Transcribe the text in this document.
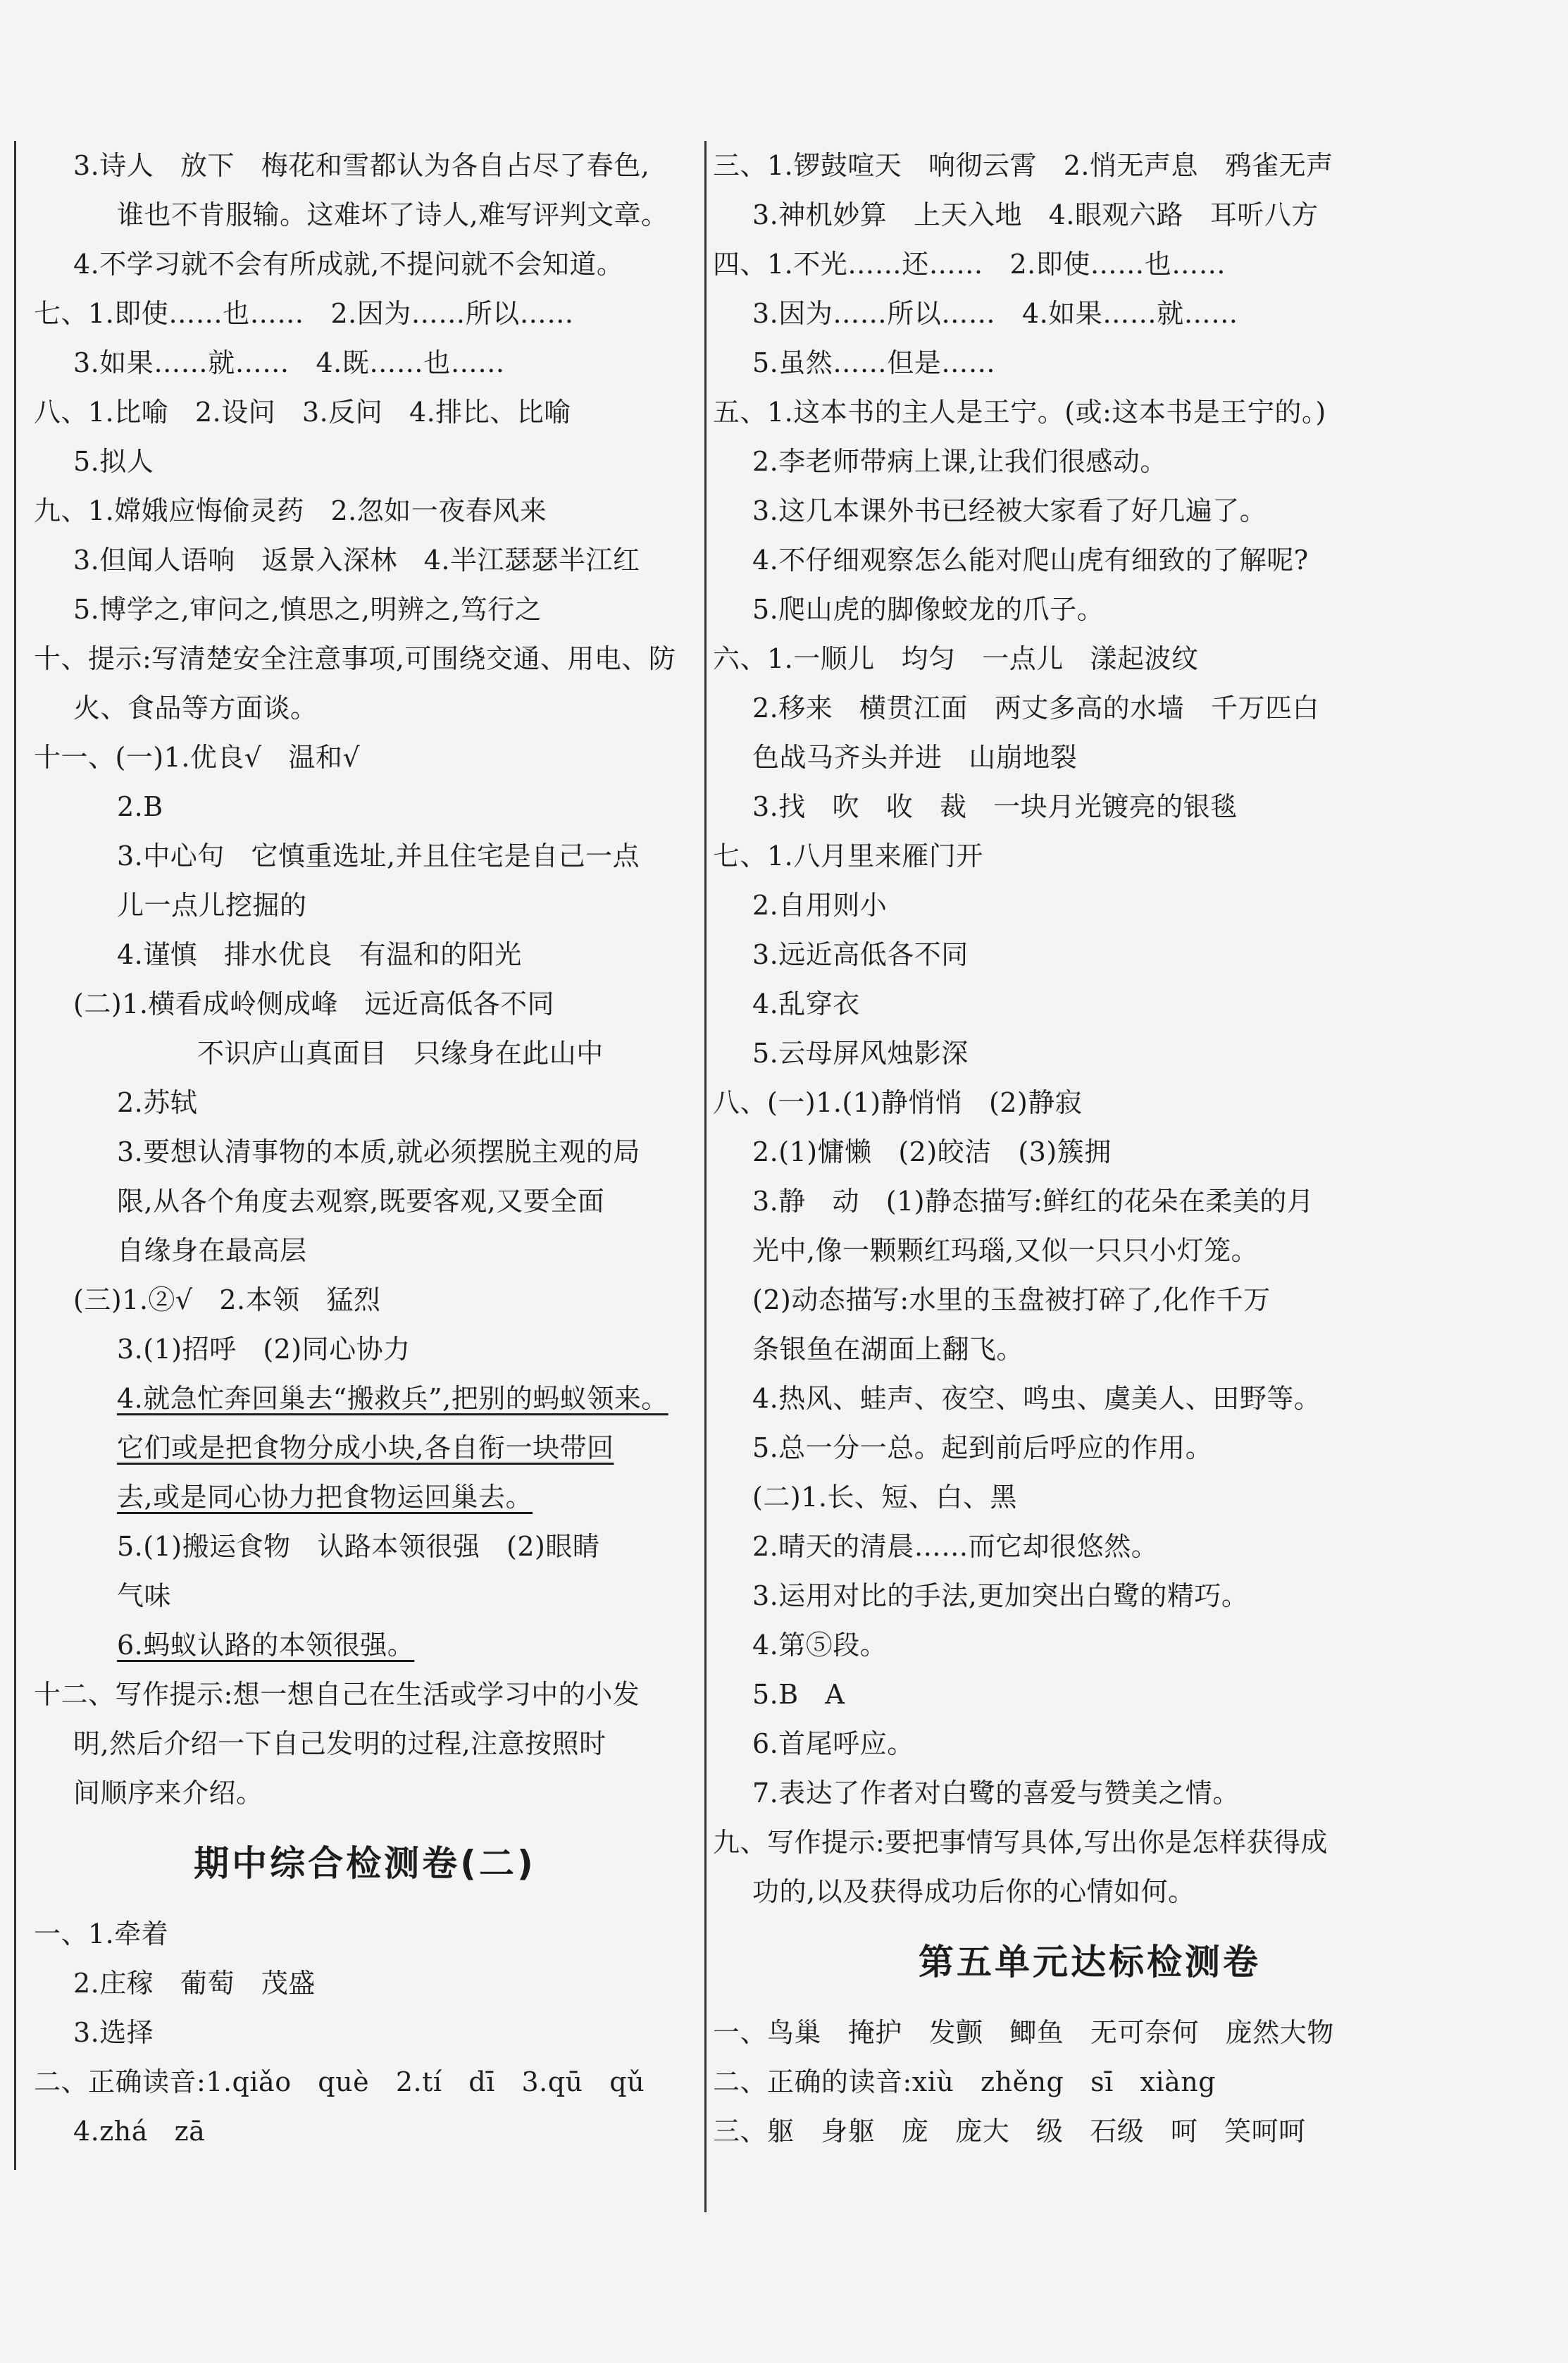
3.诗人   放下   梅花和雪都认为各自占尽了春色,
谁也不肯服输。这难坏了诗人,难写评判文章。
4.不学习就不会有所成就,不提问就不会知道。
七、1.即使……也……   2.因为……所以……
3.如果……就……   4.既……也……
八、1.比喻   2.设问   3.反问   4.排比、比喻
5.拟人
九、1.嫦娥应悔偷灵药   2.忽如一夜春风来
3.但闻人语响   返景入深林   4.半江瑟瑟半江红
5.博学之,审问之,慎思之,明辨之,笃行之
十、提示:写清楚安全注意事项,可围绕交通、用电、防
火、食品等方面谈。
十一、(一)1.优良√   温和√
2.B
3.中心句   它慎重选址,并且住宅是自己一点
儿一点儿挖掘的
4.谨慎   排水优良   有温和的阳光
(二)1.横看成岭侧成峰   远近高低各不同
不识庐山真面目   只缘身在此山中
2.苏轼
3.要想认清事物的本质,就必须摆脱主观的局
限,从各个角度去观察,既要客观,又要全面
自缘身在最高层
(三)1.②√   2.本领   猛烈
3.(1)招呼   (2)同心协力
4.就急忙奔回巢去“搬救兵”,把别的蚂蚁领来。
它们或是把食物分成小块,各自衔一块带回
去,或是同心协力把食物运回巢去。
5.(1)搬运食物   认路本领很强   (2)眼睛
气味
6.蚂蚁认路的本领很强。
十二、写作提示:想一想自己在生活或学习中的小发
明,然后介绍一下自己发明的过程,注意按照时
间顺序来介绍。
期中综合检测卷(二)
一、1.牵着
2.庄稼   葡萄   茂盛
3.选择
二、正确读音:1.qiǎo   què   2.tí   dī   3.qū   qǔ
4.zhá   zā
三、1.锣鼓喧天   响彻云霄   2.悄无声息   鸦雀无声
3.神机妙算   上天入地   4.眼观六路   耳听八方
四、1.不光……还……   2.即使……也……
3.因为……所以……   4.如果……就……
5.虽然……但是……
五、1.这本书的主人是王宁。(或:这本书是王宁的。)
2.李老师带病上课,让我们很感动。
3.这几本课外书已经被大家看了好几遍了。
4.不仔细观察怎么能对爬山虎有细致的了解呢?
5.爬山虎的脚像蛟龙的爪子。
六、1.一顺儿   均匀   一点儿   漾起波纹
2.移来   横贯江面   两丈多高的水墙   千万匹白
色战马齐头并进   山崩地裂
3.找   吹   收   裁   一块月光镀亮的银毯
七、1.八月里来雁门开
2.自用则小
3.远近高低各不同
4.乱穿衣
5.云母屏风烛影深
八、(一)1.(1)静悄悄   (2)静寂
2.(1)慵懒   (2)皎洁   (3)簇拥
3.静   动   (1)静态描写:鲜红的花朵在柔美的月
光中,像一颗颗红玛瑙,又似一只只小灯笼。
(2)动态描写:水里的玉盘被打碎了,化作千万
条银鱼在湖面上翻飞。
4.热风、蛙声、夜空、鸣虫、虞美人、田野等。
5.总一分一总。起到前后呼应的作用。
(二)1.长、短、白、黑
2.晴天的清晨……而它却很悠然。
3.运用对比的手法,更加突出白鹭的精巧。
4.第⑤段。
5.B   A
6.首尾呼应。
7.表达了作者对白鹭的喜爱与赞美之情。
九、写作提示:要把事情写具体,写出你是怎样获得成
功的,以及获得成功后你的心情如何。
第五单元达标检测卷
一、鸟巢   掩护   发颤   鲫鱼   无可奈何   庞然大物
二、正确的读音:xiù   zhěng   sī   xiàng
三、躯   身躯   庞   庞大   级   石级   呵   笑呵呵
